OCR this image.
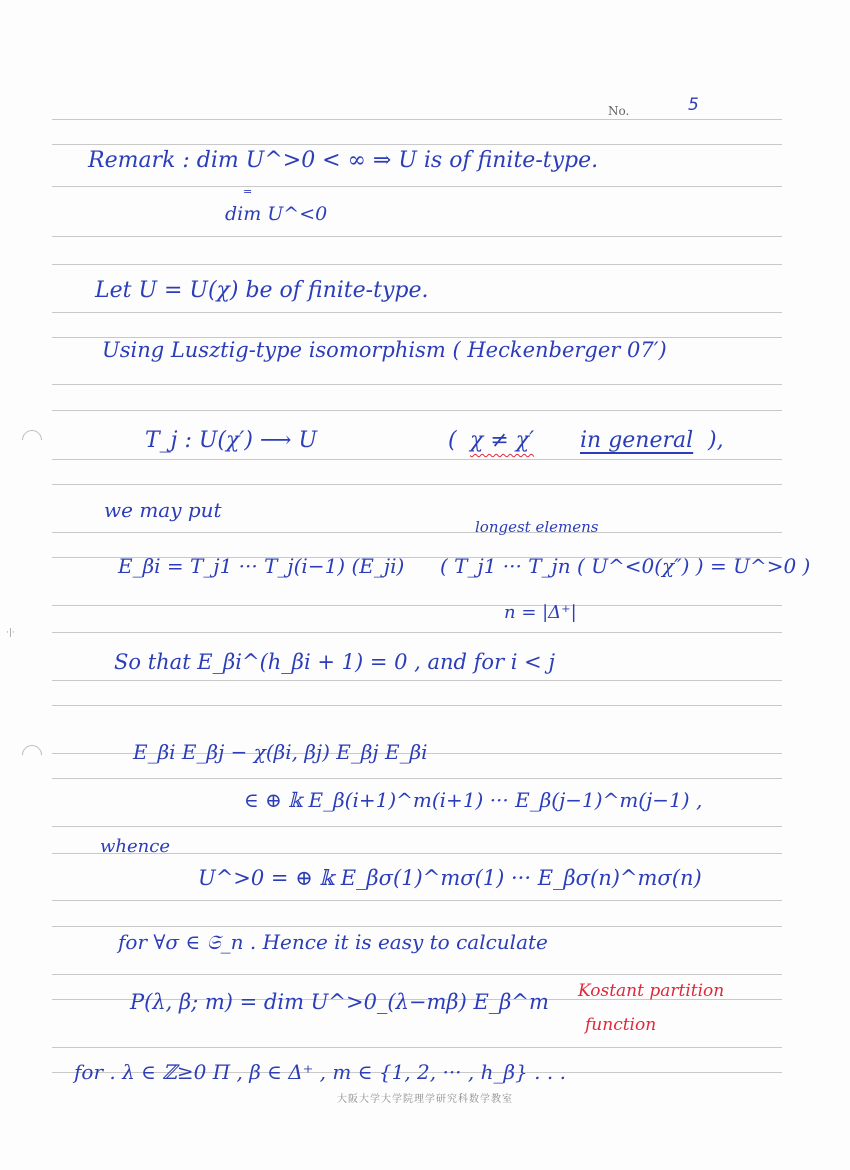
·|·
No.	5
Remark : dim U^>0 < ∞ ⇒ U is of finite-type.
=
dim U^<0
Let U = U(χ) be of finite-type.
Using Lusztig-type isomorphism ( Heckenberger 07′)
T_j : U(χ′) ⟶ U	( χ ≠ χ′ in general ),
we may put
longest elemens
E_βi = T_j1 ··· T_j(i−1) (E_ji) ( T_j1 ··· T_jn ( U^<0(χ″) ) = U^>0 )
n = |Δ⁺|
So that E_βi^(h_βi + 1) = 0 , and for i < j
E_βi E_βj − χ(βi, βj) E_βj E_βi
∈ ⊕ 𝕜 E_β(i+1)^m(i+1) ··· E_β(j−1)^m(j−1) ,
whence
U^>0 = ⊕ 𝕜 E_βσ(1)^mσ(1) ··· E_βσ(n)^mσ(n)
for ∀σ ∈ 𝔖_n . Hence it is easy to calculate
P(λ, β; m) = dim U^>0_(λ−mβ) E_β^m Kostant partition
function
for . λ ∈ ℤ≥0 Π , β ∈ Δ⁺ , m ∈ {1, 2, ··· , h_β} . . .
大阪大学大学院理学研究科数学教室
